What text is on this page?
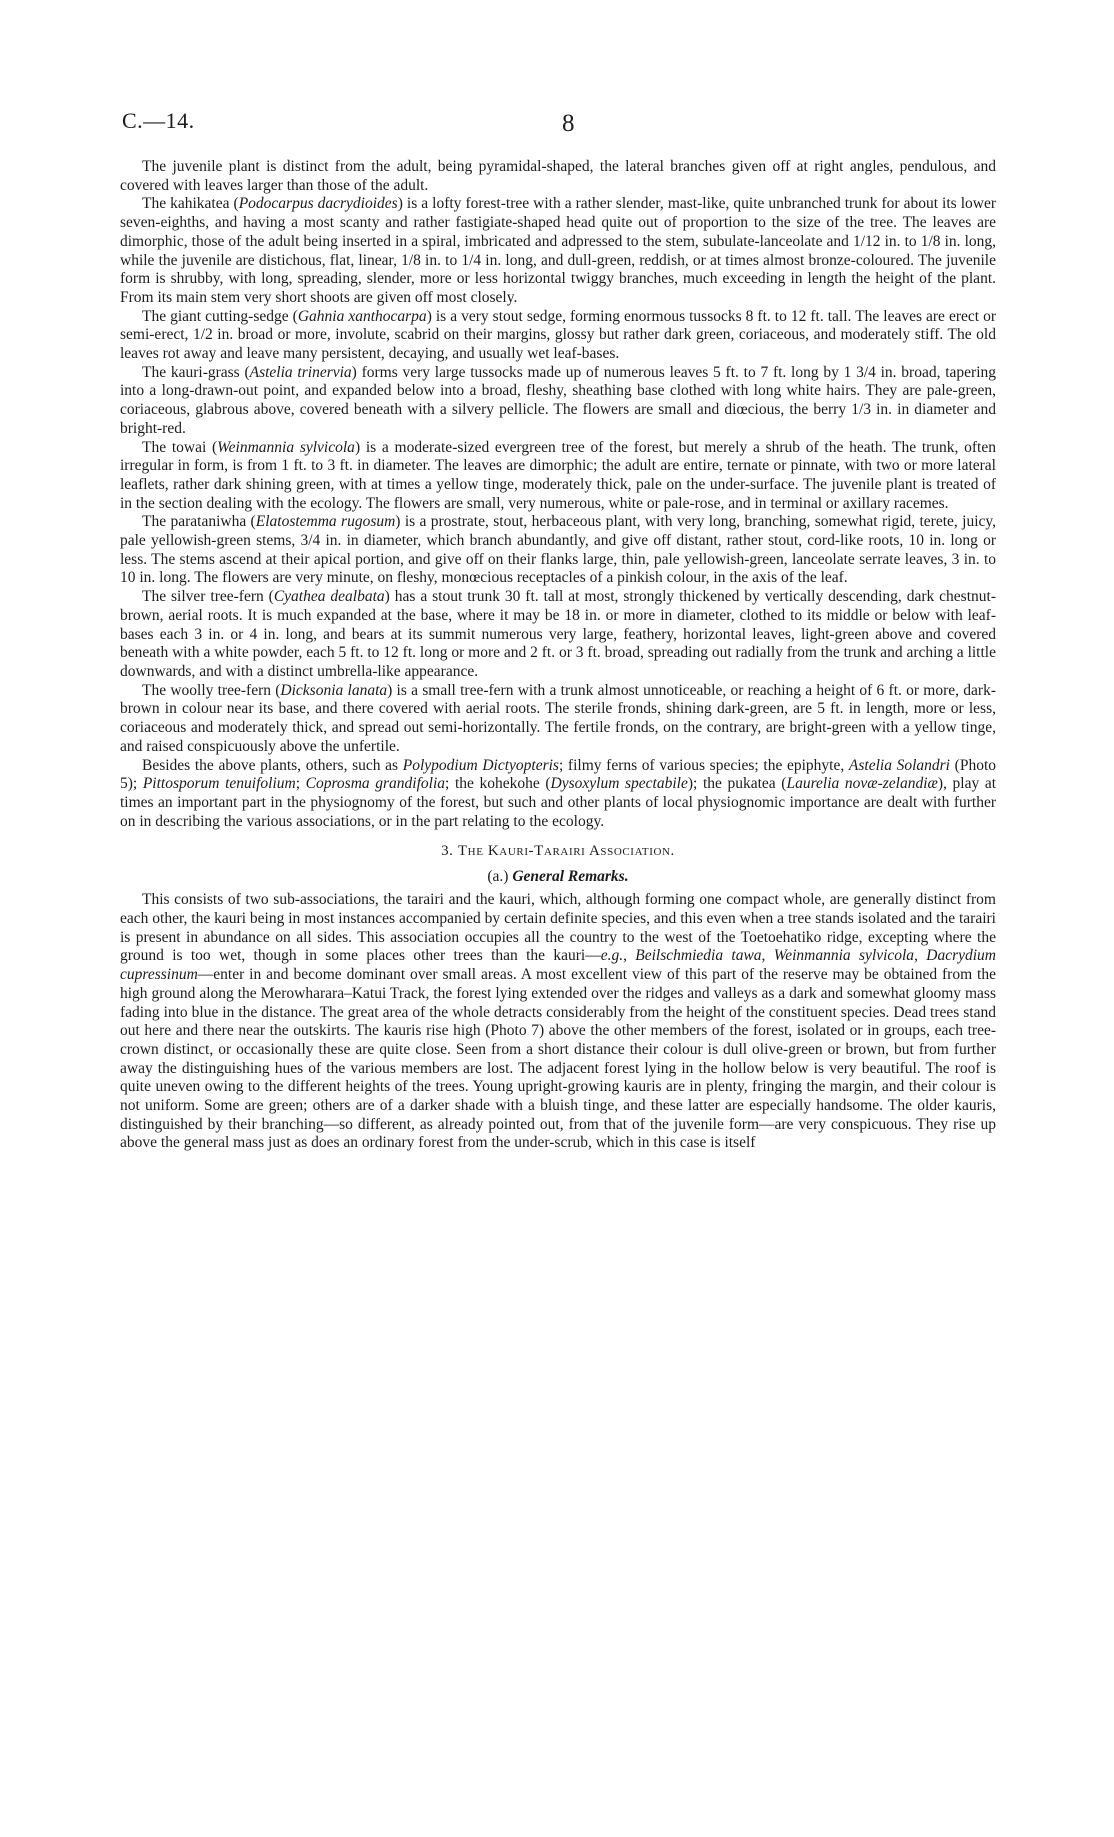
C.—14.	8

The juvenile plant is distinct from the adult, being pyramidal-shaped, the lateral branches given off at right angles, pendulous, and covered with leaves larger than those of the adult.

The kahikatea (Podocarpus dacrydioides) is a lofty forest-tree with a rather slender, mast-like, quite unbranched trunk for about its lower seven-eighths, and having a most scanty and rather fastigiate-shaped head quite out of proportion to the size of the tree. The leaves are dimorphic, those of the adult being inserted in a spiral, imbricated and adpressed to the stem, subulate-lanceolate and 1/12 in. to 1/8 in. long, while the juvenile are distichous, flat, linear, 1/8 in. to 1/4 in. long, and dull-green, reddish, or at times almost bronze-coloured. The juvenile form is shrubby, with long, spreading, slender, more or less horizontal twiggy branches, much exceeding in length the height of the plant. From its main stem very short shoots are given off most closely.

The giant cutting-sedge (Gahnia xanthocarpa) is a very stout sedge, forming enormous tussocks 8 ft. to 12 ft. tall. The leaves are erect or semi-erect, 1/2 in. broad or more, involute, scabrid on their margins, glossy but rather dark green, coriaceous, and moderately stiff. The old leaves rot away and leave many persistent, decaying, and usually wet leaf-bases.

The kauri-grass (Astelia trinervia) forms very large tussocks made up of numerous leaves 5 ft. to 7 ft. long by 1 3/4 in. broad, tapering into a long-drawn-out point, and expanded below into a broad, fleshy, sheathing base clothed with long white hairs. They are pale-green, coriaceous, glabrous above, covered beneath with a silvery pellicle. The flowers are small and diœcious, the berry 1/3 in. in diameter and bright-red.

The towai (Weinmannia sylvicola) is a moderate-sized evergreen tree of the forest, but merely a shrub of the heath. The trunk, often irregular in form, is from 1 ft. to 3 ft. in diameter. The leaves are dimorphic; the adult are entire, ternate or pinnate, with two or more lateral leaflets, rather dark shining green, with at times a yellow tinge, moderately thick, pale on the under-surface. The juvenile plant is treated of in the section dealing with the ecology. The flowers are small, very numerous, white or pale-rose, and in terminal or axillary racemes.

The parataniwha (Elatostemma rugosum) is a prostrate, stout, herbaceous plant, with very long, branching, somewhat rigid, terete, juicy, pale yellowish-green stems, 3/4 in. in diameter, which branch abundantly, and give off distant, rather stout, cord-like roots, 10 in. long or less. The stems ascend at their apical portion, and give off on their flanks large, thin, pale yellowish-green, lanceolate serrate leaves, 3 in. to 10 in. long. The flowers are very minute, on fleshy, monœcious receptacles of a pinkish colour, in the axis of the leaf.

The silver tree-fern (Cyathea dealbata) has a stout trunk 30 ft. tall at most, strongly thickened by vertically descending, dark chestnut-brown, aerial roots. It is much expanded at the base, where it may be 18 in. or more in diameter, clothed to its middle or below with leaf-bases each 3 in. or 4 in. long, and bears at its summit numerous very large, feathery, horizontal leaves, light-green above and covered beneath with a white powder, each 5 ft. to 12 ft. long or more and 2 ft. or 3 ft. broad, spreading out radially from the trunk and arching a little downwards, and with a distinct umbrella-like appearance.

The woolly tree-fern (Dicksonia lanata) is a small tree-fern with a trunk almost unnoticeable, or reaching a height of 6 ft. or more, dark-brown in colour near its base, and there covered with aerial roots. The sterile fronds, shining dark-green, are 5 ft. in length, more or less, coriaceous and moderately thick, and spread out semi-horizontally. The fertile fronds, on the contrary, are bright-green with a yellow tinge, and raised conspicuously above the unfertile.

Besides the above plants, others, such as Polypodium Dictyopteris; filmy ferns of various species; the epiphyte, Astelia Solandri (Photo 5); Pittosporum tenuifolium; Coprosma grandifolia; the kohekohe (Dysoxylum spectabile); the pukatea (Laurelia novæ-zelandiæ), play at times an important part in the physiognomy of the forest, but such and other plants of local physiognomic importance are dealt with further on in describing the various associations, or in the part relating to the ecology.

3. The Kauri-Tarairi Association.
(a.) General Remarks.

This consists of two sub-associations, the tarairi and the kauri, which, although forming one compact whole, are generally distinct from each other, the kauri being in most instances accompanied by certain definite species, and this even when a tree stands isolated and the tarairi is present in abundance on all sides. This association occupies all the country to the west of the Toetoehatiko ridge, excepting where the ground is too wet, though in some places other trees than the kauri—e.g., Beilschmiedia tawa, Weinmannia sylvicola, Dacrydium cupressinum—enter in and become dominant over small areas. A most excellent view of this part of the reserve may be obtained from the high ground along the Merowharara–Katui Track, the forest lying extended over the ridges and valleys as a dark and somewhat gloomy mass fading into blue in the distance. The great area of the whole detracts considerably from the height of the constituent species. Dead trees stand out here and there near the outskirts. The kauris rise high (Photo 7) above the other members of the forest, isolated or in groups, each tree-crown distinct, or occasionally these are quite close. Seen from a short distance their colour is dull olive-green or brown, but from further away the distinguishing hues of the various members are lost. The adjacent forest lying in the hollow below is very beautiful. The roof is quite uneven owing to the different heights of the trees. Young upright-growing kauris are in plenty, fringing the margin, and their colour is not uniform. Some are green; others are of a darker shade with a bluish tinge, and these latter are especially handsome. The older kauris, distinguished by their branching—so different, as already pointed out, from that of the juvenile form—are very conspicuous. They rise up above the general mass just as does an ordinary forest from the under-scrub, which in this case is itself
